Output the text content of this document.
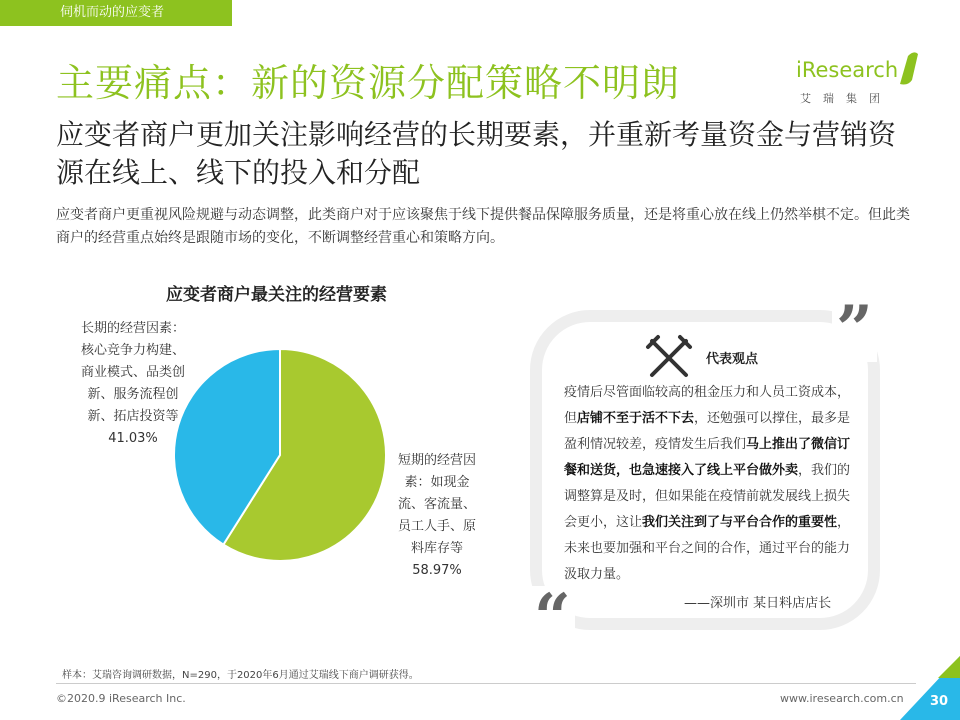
伺机而动的应变者
主要痛点：新的资源分配策略不明朗	iResearch
艾瑞集团

应变者商户更加关注影响经营的长期要素，并重新考量资金与营销资源在线上、线下的投入和分配

应变者商户更重视风险规避与动态调整，此类商户对于应该聚焦于线下提供餐品保障服务质量，还是将重心放在线上仍然举棋不定。但此类商户的经营重点始终是跟随市场的变化，不断调整经营重心和策略方向。
应变者商户最关注的经营要素
长期的经营因素：核心竞争力构建、商业模式、品类创新、服务流程创新、拓店投资等
41.03%
短期的经营因素：如现金流、客流量、员工人手、原料库存等
58.97%
”
“
代表观点
疫情后尽管面临较高的租金压力和人员工资成本，但店铺不至于活不下去，还勉强可以撑住，最多是盈利情况较差，疫情发生后我们马上推出了微信订餐和送货，也急速接入了线上平台做外卖，我们的调整算是及时，但如果能在疫情前就发展线上损失会更小，这让我们关注到了与平台合作的重要性，未来也要加强和平台之间的合作，通过平台的能力汲取力量。
——深圳市 某日料店店长
样本：艾瑞咨询调研数据，N=290，于2020年6月通过艾瑞线下商户调研获得。
©2020.9 iResearch Inc.	www.iresearch.com.cn 30
